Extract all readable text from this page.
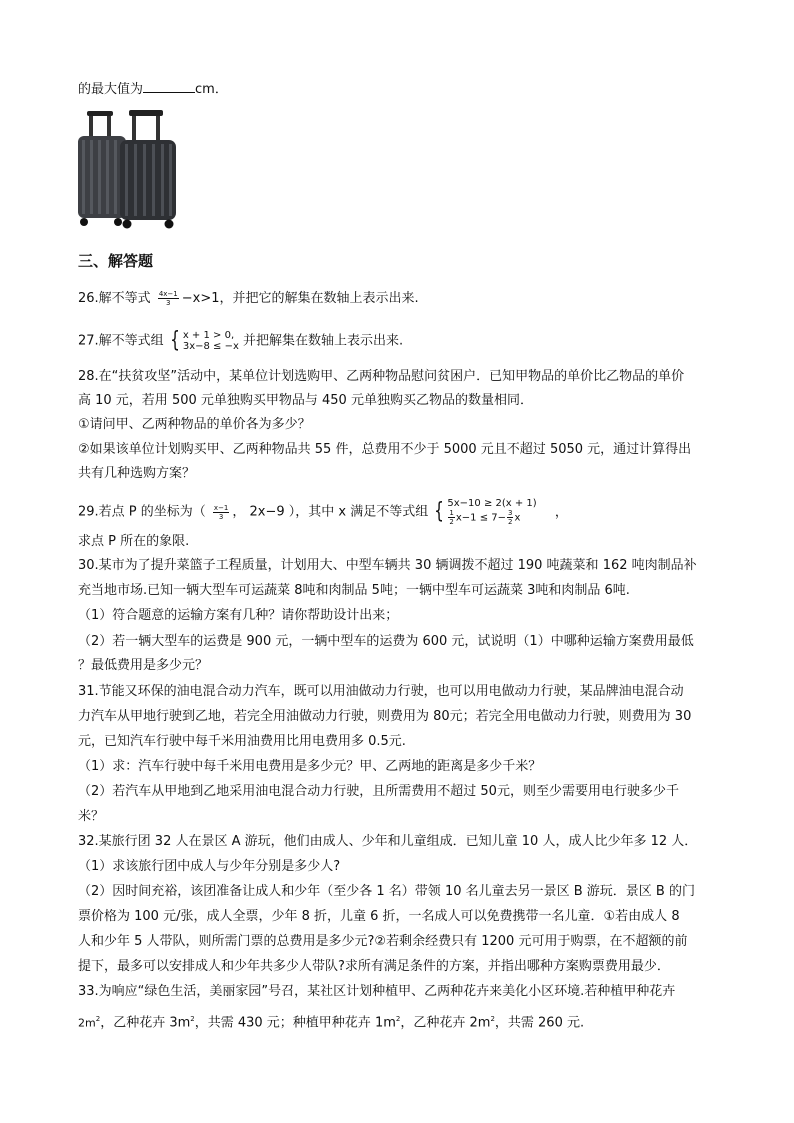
的最大值为	cm．
三、解答题
26.解不等式 $\frac{4x-1}{3} -x>1$，并把它的解集在数轴上表示出来.
27.解不等式组 { x + 1 > 0,
3x−8 ≤ −x 并把解集在数轴上表示出来.
28.在“扶贫攻坚”活动中，某单位计划选购甲、乙两种物品慰问贫困户．已知甲物品的单价比乙物品的单价
高 10 元，若用 500 元单独购买甲物品与 450 元单独购买乙物品的数量相同．
①请问甲、乙两种物品的单价各为多少？
②如果该单位计划购买甲、乙两种物品共 55 件，总费用不少于 5000 元且不超过 5050 元，通过计算得出
共有几种选购方案？
29.若点 P 的坐标为（ $\frac{x-1}{3}$ ， 2x−9 ），其中 x 满足不等式组 { 5x−10 ≥ 2(x + 1)
$\frac{1}{2} x-1 \le 7- \frac{3}{2}$ x	，
求点 P 所在的象限.
30.某市为了提升菜篮子工程质量，计划用大、中型车辆共 30 辆调拨不超过 190 吨蔬菜和 162 吨肉制品补
充当地市场.已知一辆大型车可运蔬菜 8吨和肉制品 5吨；一辆中型车可运蔬菜 3吨和肉制品 6吨.
（1）符合题意的运输方案有几种？请你帮助设计出来；
（2）若一辆大型车的运费是 900 元，一辆中型车的运费为 600 元，试说明（1）中哪种运输方案费用最低
？最低费用是多少元？
31.节能又环保的油电混合动力汽车，既可以用油做动力行驶，也可以用电做动力行驶，某品牌油电混合动
力汽车从甲地行驶到乙地，若完全用油做动力行驶，则费用为 80元；若完全用电做动力行驶，则费用为 30
元，已知汽车行驶中每千米用油费用比用电费用多 0.5元.
（1）求：汽车行驶中每千米用电费用是多少元？甲、乙两地的距离是多少千米？
（2）若汽车从甲地到乙地采用油电混合动力行驶，且所需费用不超过 50元，则至少需要用电行驶多少千
米？
32.某旅行团 32 人在景区 A 游玩，他们由成人、少年和儿童组成．已知儿童 10 人，成人比少年多 12 人．
（1）求该旅行团中成人与少年分别是多少人?
（2）因时间充裕，该团准备让成人和少年（至少各 1 名）带领 10 名儿童去另一景区 B 游玩．景区 B 的门
票价格为 100 元/张，成人全票，少年 8 折，儿童 6 折，一名成人可以免费携带一名儿童．①若由成人 8
人和少年 5 人带队，则所需门票的总费用是多少元?②若剩余经费只有 1200 元可用于购票，在不超额的前
提下，最多可以安排成人和少年共多少人带队?求所有满足条件的方案，并指出哪种方案购票费用最少．
33.为响应“绿色生活，美丽家园”号召，某社区计划种植甲、乙两种花卉来美化小区环境.若种植甲种花卉
$2m^2$，乙种花卉 $3m^2$，共需 430 元；种植甲种花卉 $1m^2$，乙种花卉 $2m^2$，共需 260 元.
